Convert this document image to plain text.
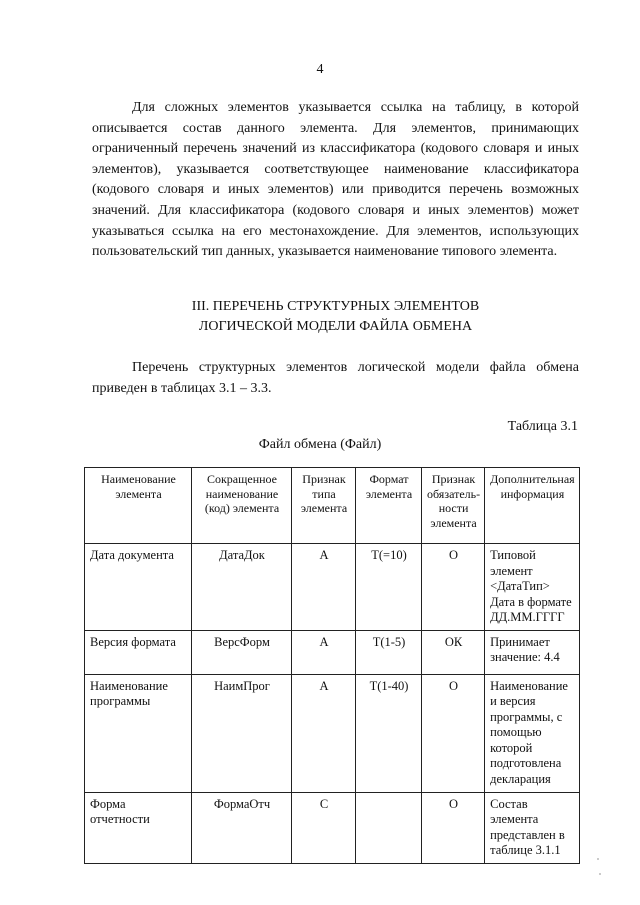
4

Для сложных элементов указывается ссылка на таблицу, в которой описывается состав данного элемента. Для элементов, принимающих ограниченный перечень значений из классификатора (кодового словаря и иных элементов), указывается соответствующее наименование классификатора (кодового словаря и иных элементов) или приводится перечень возможных значений. Для классификатора (кодового словаря и иных элементов) может указываться ссылка на его местонахождение. Для элементов, использующих пользовательский тип данных, указывается наименование типового элемента.

III. ПЕРЕЧЕНЬ СТРУКТУРНЫХ ЭЛЕМЕНТОВ
ЛОГИЧЕСКОЙ МОДЕЛИ ФАЙЛА ОБМЕНА

Перечень структурных элементов логической модели файла обмена приведен в таблицах 3.1 – 3.3.

Таблица 3.1
Файл обмена (Файл)
Наименование элемента	Сокращенное наименование (код) элемента	Признак типа элемента	Формат элемента	Признак обязатель-ности элемента	Дополнительная информация
Дата документа	ДатаДок	А	Т(=10)	О	Типовой элемент <ДатаТип> Дата в формате ДД.ММ.ГГГГ
Версия формата	ВерсФорм	А	Т(1-5)	ОК	Принимает значение: 4.4
Наименование программы	НаимПрог	А	Т(1-40)	О	Наименование и версия программы, с помощью которой подготовлена декларация
Форма отчетности	ФормаОтч	С		О	Состав элемента представлен в таблице 3.1.1
